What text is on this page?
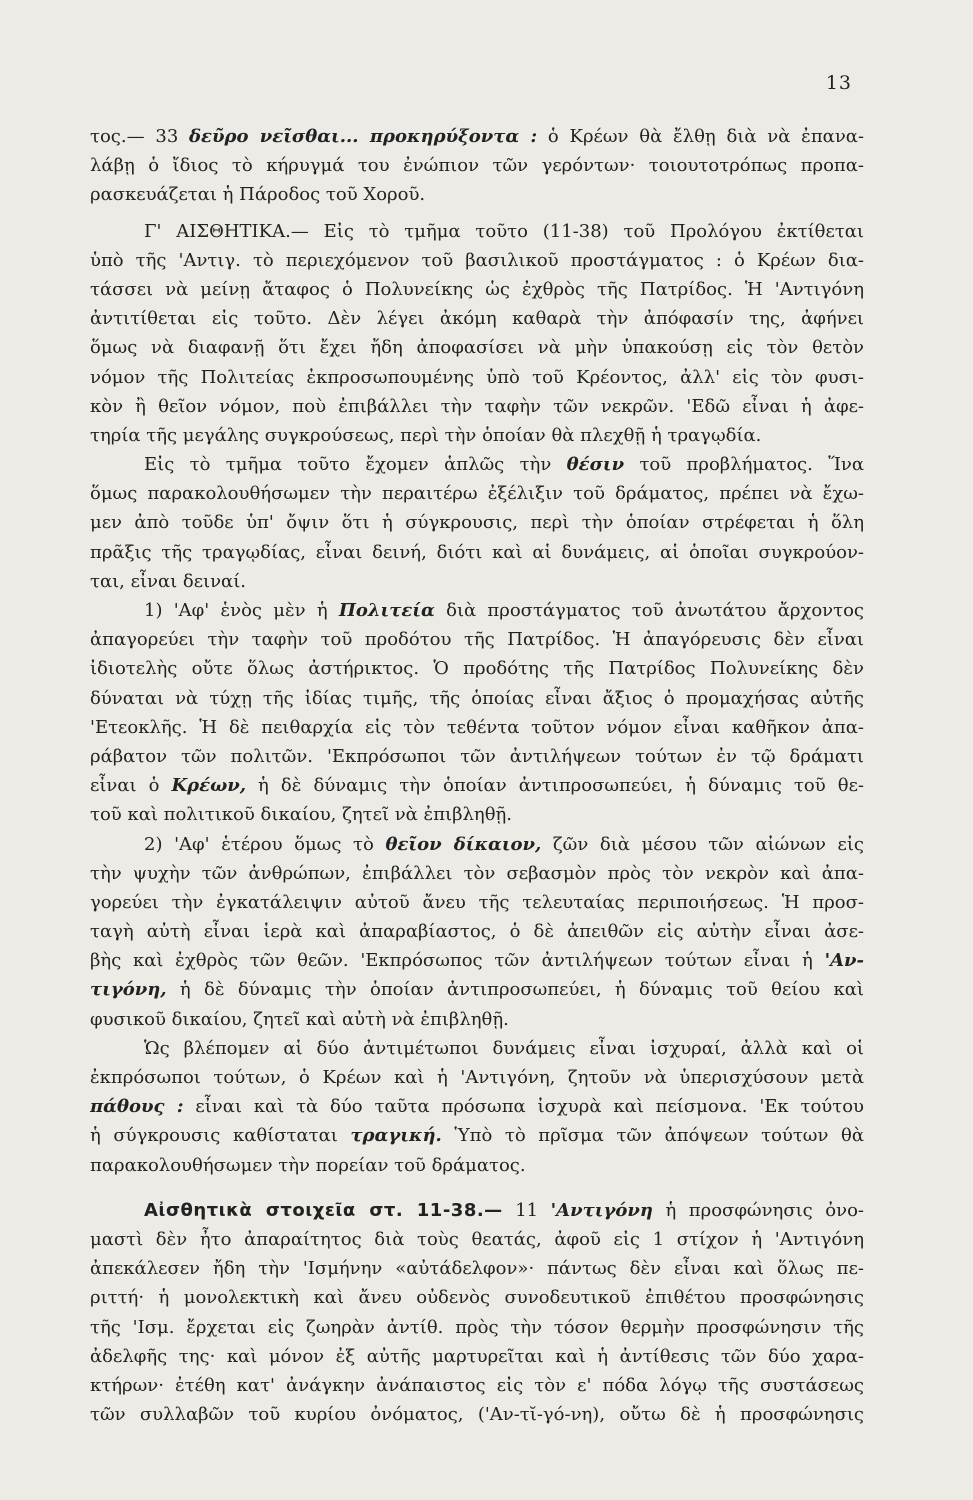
13
τος.— 33 δεῦρο νεῖσθαι... προκηρύξοντα : ὁ Κρέων θὰ ἔλθῃ διὰ νὰ ἐπανα-
λάβῃ ὁ ἴδιος τὸ κήρυγμά του ἐνώπιον τῶν γερόντων· τοιουτοτρόπως προπα-
ρασκευάζεται ἡ Πάροδος τοῦ Χοροῦ.
Γ' ΑΙΣΘΗΤΙΚΑ.— Εἰς τὸ τμῆμα τοῦτο (11-38) τοῦ Προλόγου ἐκτίθεται
ὑπὸ τῆς 'Αντιγ. τὸ περιεχόμενον τοῦ βασιλικοῦ προστάγματος : ὁ Κρέων δια-
τάσσει νὰ μείνῃ ἄταφος ὁ Πολυνείκης ὡς ἐχθρὸς τῆς Πατρίδος. Ἡ 'Αντιγόνη
ἀντιτίθεται εἰς τοῦτο. Δὲν λέγει ἀκόμη καθαρὰ τὴν ἀπόφασίν της, ἀφήνει
ὅμως νὰ διαφανῇ ὅτι ἔχει ἤδη ἀποφασίσει νὰ μὴν ὑπακούσῃ εἰς τὸν θετὸν
νόμον τῆς Πολιτείας ἐκπροσωπουμένης ὑπὸ τοῦ Κρέοντος, ἀλλ' εἰς τὸν φυσι-
κὸν ἢ θεῖον νόμον, ποὺ ἐπιβάλλει τὴν ταφὴν τῶν νεκρῶν. 'Εδῶ εἶναι ἡ ἀφε-
τηρία τῆς μεγάλης συγκρούσεως, περὶ τὴν ὁποίαν θὰ πλεχθῇ ἡ τραγῳδία.
Εἰς τὸ τμῆμα τοῦτο ἔχομεν ἁπλῶς τὴν θέσιν τοῦ προβλήματος. Ἵνα
ὅμως παρακολουθήσωμεν τὴν περαιτέρω ἐξέλιξιν τοῦ δράματος, πρέπει νὰ ἔχω-
μεν ἀπὸ τοῦδε ὑπ' ὄψιν ὅτι ἡ σύγκρουσις, περὶ τὴν ὁποίαν στρέφεται ἡ ὅλη
πρᾶξις τῆς τραγῳδίας, εἶναι δεινή, διότι καὶ αἱ δυνάμεις, αἱ ὁποῖαι συγκρούον-
ται, εἶναι δειναί.
1) 'Αφ' ἑνὸς μὲν ἡ Πολιτεία διὰ προστάγματος τοῦ ἀνωτάτου ἄρχοντος
ἀπαγορεύει τὴν ταφὴν τοῦ προδότου τῆς Πατρίδος. Ἡ ἀπαγόρευσις δὲν εἶναι
ἰδιοτελὴς οὔτε ὅλως ἀστήρικτος. Ὁ προδότης τῆς Πατρίδος Πολυνείκης δὲν
δύναται νὰ τύχῃ τῆς ἰδίας τιμῆς, τῆς ὁποίας εἶναι ἄξιος ὁ προμαχήσας αὐτῆς
'Ετεοκλῆς. Ἡ δὲ πειθαρχία εἰς τὸν τεθέντα τοῦτον νόμον εἶναι καθῆκον ἀπα-
ράβατον τῶν πολιτῶν. 'Εκπρόσωποι τῶν ἀντιλήψεων τούτων ἐν τῷ δράματι
εἶναι ὁ Κρέων, ἡ δὲ δύναμις τὴν ὁποίαν ἀντιπροσωπεύει, ἡ δύναμις τοῦ θε-
τοῦ καὶ πολιτικοῦ δικαίου, ζητεῖ νὰ ἐπιβληθῇ.
2) 'Αφ' ἑτέρου ὅμως τὸ θεῖον δίκαιον, ζῶν διὰ μέσου τῶν αἰώνων εἰς
τὴν ψυχὴν τῶν ἀνθρώπων, ἐπιβάλλει τὸν σεβασμὸν πρὸς τὸν νεκρὸν καὶ ἀπα-
γορεύει τὴν ἐγκατάλειψιν αὐτοῦ ἄνευ τῆς τελευταίας περιποιήσεως. Ἡ προσ-
ταγὴ αὐτὴ εἶναι ἱερὰ καὶ ἀπαραβίαστος, ὁ δὲ ἀπειθῶν εἰς αὐτὴν εἶναι ἀσε-
βὴς καὶ ἐχθρὸς τῶν θεῶν. 'Εκπρόσωπος τῶν ἀντιλήψεων τούτων εἶναι ἡ 'Αν-
τιγόνη, ἡ δὲ δύναμις τὴν ὁποίαν ἀντιπροσωπεύει, ἡ δύναμις τοῦ θείου καὶ
φυσικοῦ δικαίου, ζητεῖ καὶ αὐτὴ νὰ ἐπιβληθῇ.
Ὡς βλέπομεν αἱ δύο ἀντιμέτωποι δυνάμεις εἶναι ἰσχυραί, ἀλλὰ καὶ οἱ
ἐκπρόσωποι τούτων, ὁ Κρέων καὶ ἡ 'Αντιγόνη, ζητοῦν νὰ ὑπερισχύσουν μετὰ
πάθους : εἶναι καὶ τὰ δύο ταῦτα πρόσωπα ἰσχυρὰ καὶ πείσμονα. 'Εκ τούτου
ἡ σύγκρουσις καθίσταται τραγική. Ὑπὸ τὸ πρῖσμα τῶν ἀπόψεων τούτων θὰ
παρακολουθήσωμεν τὴν πορείαν τοῦ δράματος.
Αἰσθητικὰ στοιχεῖα στ. 11-38.— 11 'Αντιγόνη ἡ προσφώνησις ὀνο-
μαστὶ δὲν ἦτο ἀπαραίτητος διὰ τοὺς θεατάς, ἀφοῦ εἰς 1 στίχον ἡ 'Αντιγόνη
ἀπεκάλεσεν ἤδη τὴν 'Ισμήνην «αὐτάδελφον»· πάντως δὲν εἶναι καὶ ὅλως πε-
ριττή· ἡ μονολεκτικὴ καὶ ἄνευ οὐδενὸς συνοδευτικοῦ ἐπιθέτου προσφώνησις
τῆς 'Ισμ. ἔρχεται εἰς ζωηρὰν ἀντίθ. πρὸς τὴν τόσον θερμὴν προσφώνησιν τῆς
ἀδελφῆς της· καὶ μόνον ἐξ αὐτῆς μαρτυρεῖται καὶ ἡ ἀντίθεσις τῶν δύο χαρα-
κτήρων· ἐτέθη κατ' ἀνάγκην ἀνάπαιστος εἰς τὸν ε' πόδα λόγῳ τῆς συστάσεως
τῶν συλλαβῶν τοῦ κυρίου ὀνόματος, ('Αν-τῐ-γό-νη), οὔτω δὲ ἡ προσφώνησις
